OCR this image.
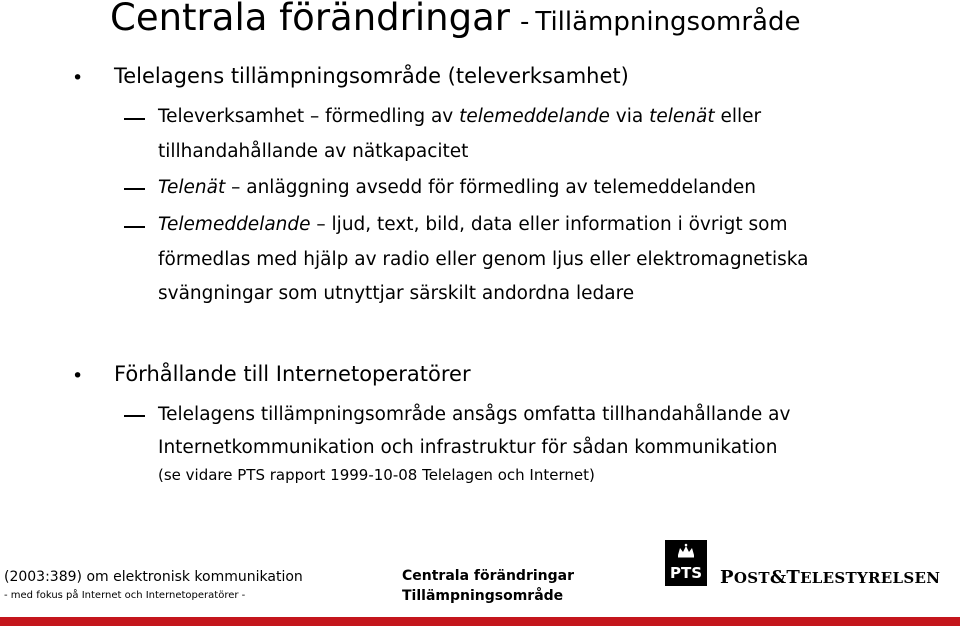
Centrala förändringar - Tillämpningsområde
• Telelagens tillämpningsområde (televerksamhet)
Televerksamhet – förmedling av telemeddelande via telenät eller
tillhandahållande av nätkapacitet
Telenät – anläggning avsedd för förmedling av telemeddelanden
Telemeddelande – ljud, text, bild, data eller information i övrigt som
förmedlas med hjälp av radio eller genom ljus eller elektromagnetiska
svängningar som utnyttjar särskilt andordna ledare
• Förhållande till Internetoperatörer
Telelagens tillämpningsområde ansågs omfatta tillhandahållande av
Internetkommunikation och infrastruktur för sådan kommunikation
(se vidare PTS rapport 1999-10-08 Telelagen och Internet)
(2003:389) om elektronisk kommunikation
- med fokus på Internet och Internetoperatörer -
Centrala förändringar
Tillämpningsområde
PTS POST&TELESTYRELSEN
